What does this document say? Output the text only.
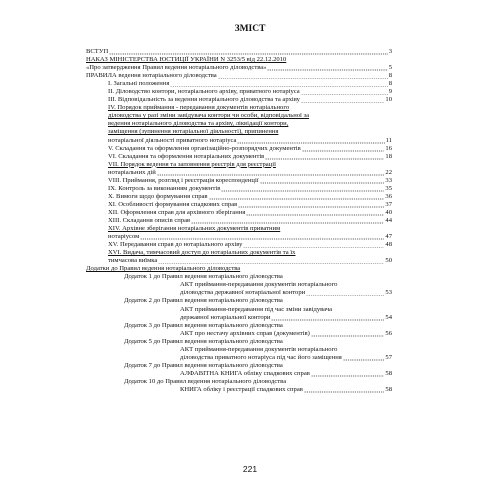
ЗМІСТ
ВСТУП	3
НАКАЗ МІНІСТЕРСТВА ЮСТИЦІЇ УКРАЇНИ N 3253/5 від 22.12.2010
«Про затвердження Правил ведення нотаріального діловодства»	5
ПРАВИЛА ведення нотаріального діловодства	8
I. Загальні положення	8
II. Діловодство контори, нотаріального архіву, приватного нотаріуса	9
III. Відповідальність за ведення нотаріального діловодства та архіву	10
IV. Порядок приймання - передавання документів нотаріального
діловодства у разі зміни завідувача контори чи особи, відповідальної за
ведення нотаріального діловодства та архіву, ліквідації контори,
заміщення (зупинення нотаріальної діяльності), припинення
нотаріальної діяльності приватного нотаріуса	11
V. Складання та оформлення організаційно-розпорядчих документів	16
VI. Складання та оформлення нотаріальних документів	18
VII. Порядок ведення та заповнення реєстрів для реєстрації
нотаріальних дій	22
VIII. Приймання, розгляд і реєстрація кореспонденції	33
IX. Контроль за виконанням документів	35
X. Вимоги щодо формування справ	36
XI. Особливості формування спадкових справ	37
XII. Оформлення справ для архівного зберігання	40
XIII. Складання описів справ	44
XIV. Архівне зберігання нотаріальних документів приватним
нотаріусом	47
XV. Передавання справ до нотаріального архіву	48
XVI. Видача, тимчасовий доступ до нотаріальних документів та їх
тимчасова виїмка	50
Додатки до Правил ведення нотаріального діловодства
Додаток 1 до Правил ведення нотаріального діловодства
АКТ приймання-передавання документів нотаріального
діловодства державної нотаріальної контори	53
Додаток 2 до Правил ведення нотаріального діловодства
АКТ приймання-передавання під час зміни завідувача
державної нотаріальної контори	54
Додаток 3 до Правил ведення нотаріального діловодства
АКТ про нестачу архівних справ (документів)	56
Додаток 5 до Правил ведення нотаріального діловодства
АКТ приймання-передавання документів нотаріального
діловодства приватного нотаріуса під час його заміщення	57
Додаток 7 до Правил ведення нотаріального діловодства
АЛФАВІТНА КНИГА обліку спадкових справ	58
Додаток 10 до Правил ведення нотаріального діловодства
КНИГА обліку і реєстрації спадкових справ	58
221
